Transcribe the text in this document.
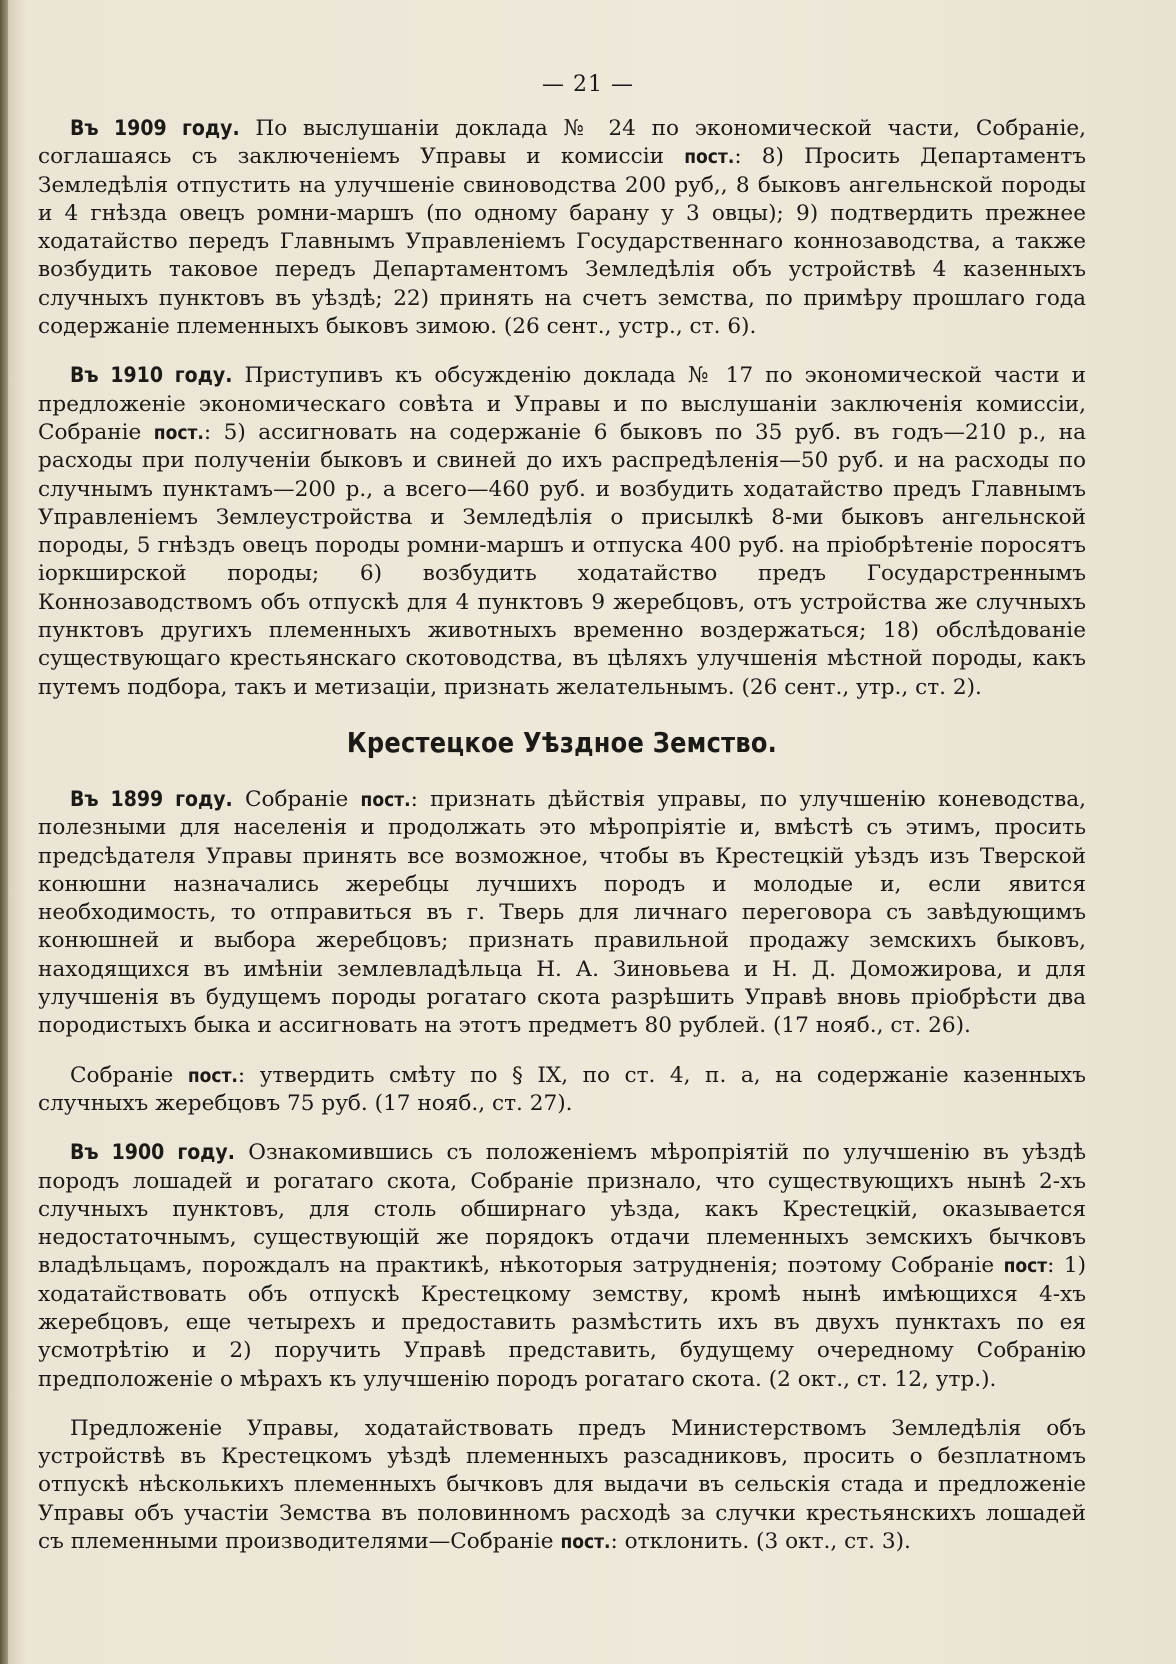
— 21 —

Въ 1909 году. По выслушаніи доклада № 24 по экономической части, Собраніе, соглашаясь съ заключеніемъ Управы и комиссіи пост.: 8) Просить Департаментъ Земледѣлія отпустить на улучшеніе свиноводства 200 руб,, 8 быковъ ангельнской породы и 4 гнѣзда овецъ ромни-маршъ (по одному барану у 3 овцы); 9) подтвердить прежнее ходатайство передъ Главнымъ Управленіемъ Государственнаго коннозаводства, а также возбудить таковое передъ Департаментомъ Земледѣлія объ устройствѣ 4 казенныхъ случныхъ пунктовъ въ уѣздѣ; 22) принять на счетъ земства, по примѣру прошлаго года содержаніе племенныхъ быковъ зимою. (26 сент., устр., ст. 6).

Въ 1910 году. Приступивъ къ обсужденію доклада № 17 по экономической части и предложеніе экономическаго совѣта и Управы и по выслушаніи заключенія комиссіи, Собраніе пост.: 5) ассигновать на содержаніе 6 быковъ по 35 руб. въ годъ—210 р., на расходы при полученіи быковъ и свиней до ихъ распредѣленія—50 руб. и на расходы по случнымъ пунктамъ—200 р., а всего—460 руб. и возбудить ходатайство предъ Главнымъ Управленіемъ Землеустройства и Земледѣлія о присылкѣ 8-ми быковъ ангельнской породы, 5 гнѣздъ овецъ породы ромни-маршъ и отпуска 400 руб. на пріобрѣтеніе поросятъ іоркширской породы; 6) возбудить ходатайство предъ Государстреннымъ Коннозаводствомъ объ отпускѣ для 4 пунктовъ 9 жеребцовъ, отъ устройства же случныхъ пунктовъ другихъ племенныхъ животныхъ временно воздержаться; 18) обслѣдованіе существующаго крестьянскаго скотоводства, въ цѣляхъ улучшенія мѣстной породы, какъ путемъ подбора, такъ и метизаціи, признать желательнымъ. (26 сент., утр., ст. 2).

Крестецкое Уѣздное Земство.

Въ 1899 году. Собраніе пост.: признать дѣйствія управы, по улучшенію коневодства, полезными для населенія и продолжать это мѣропріятіе и, вмѣстѣ съ этимъ, просить предсѣдателя Управы принять все возможное, чтобы въ Крестецкій уѣздъ изъ Тверской конюшни назначались жеребцы лучшихъ породъ и молодые и, если явится необходимость, то отправиться въ г. Тверь для личнаго переговора съ завѣдующимъ конюшней и выбора жеребцовъ; признать правильной продажу земскихъ быковъ, находящихся въ имѣніи землевладѣльца Н. А. Зиновьева и Н. Д. Доможирова, и для улучшенія въ будущемъ породы рогатаго скота разрѣшить Управѣ вновь пріобрѣсти два породистыхъ быка и ассигновать на этотъ предметъ 80 рублей. (17 нояб., ст. 26).

Собраніе пост.: утвердить смѣту по § IX, по ст. 4, п. а, на содержаніе казенныхъ случныхъ жеребцовъ 75 руб. (17 нояб., ст. 27).

Въ 1900 году. Ознакомившись съ положеніемъ мѣропріятій по улучшенію въ уѣздѣ породъ лошадей и рогатаго скота, Собраніе признало, что существующихъ нынѣ 2-хъ случныхъ пунктовъ, для столь обширнаго уѣзда, какъ Крестецкій, оказывается недостаточнымъ, существующій же порядокъ отдачи племенныхъ земскихъ бычковъ владѣльцамъ, порождалъ на практикѣ, нѣкоторыя затрудненія; поэтому Собраніе пост: 1) ходатайствовать объ отпускѣ Крестецкому земству, кромѣ нынѣ имѣющихся 4-хъ жеребцовъ, еще четырехъ и предоставить размѣстить ихъ въ двухъ пунктахъ по ея усмотрѣтію и 2) поручить Управѣ представить, будущему очередному Собранію предположеніе о мѣрахъ къ улучшенію породъ рогатаго скота. (2 окт., ст. 12, утр.).

Предложеніе Управы, ходатайствовать предъ Министерствомъ Земледѣлія объ устройствѣ въ Крестецкомъ уѣздѣ племенныхъ разсадниковъ, просить о безплатномъ отпускѣ нѣсколькихъ племенныхъ бычковъ для выдачи въ сельскія стада и предложеніе Управы объ участіи Земства въ половинномъ расходѣ за случки крестьянскихъ лошадей съ племенными производителями—Собраніе пост.: отклонить. (3 окт., ст. 3).
